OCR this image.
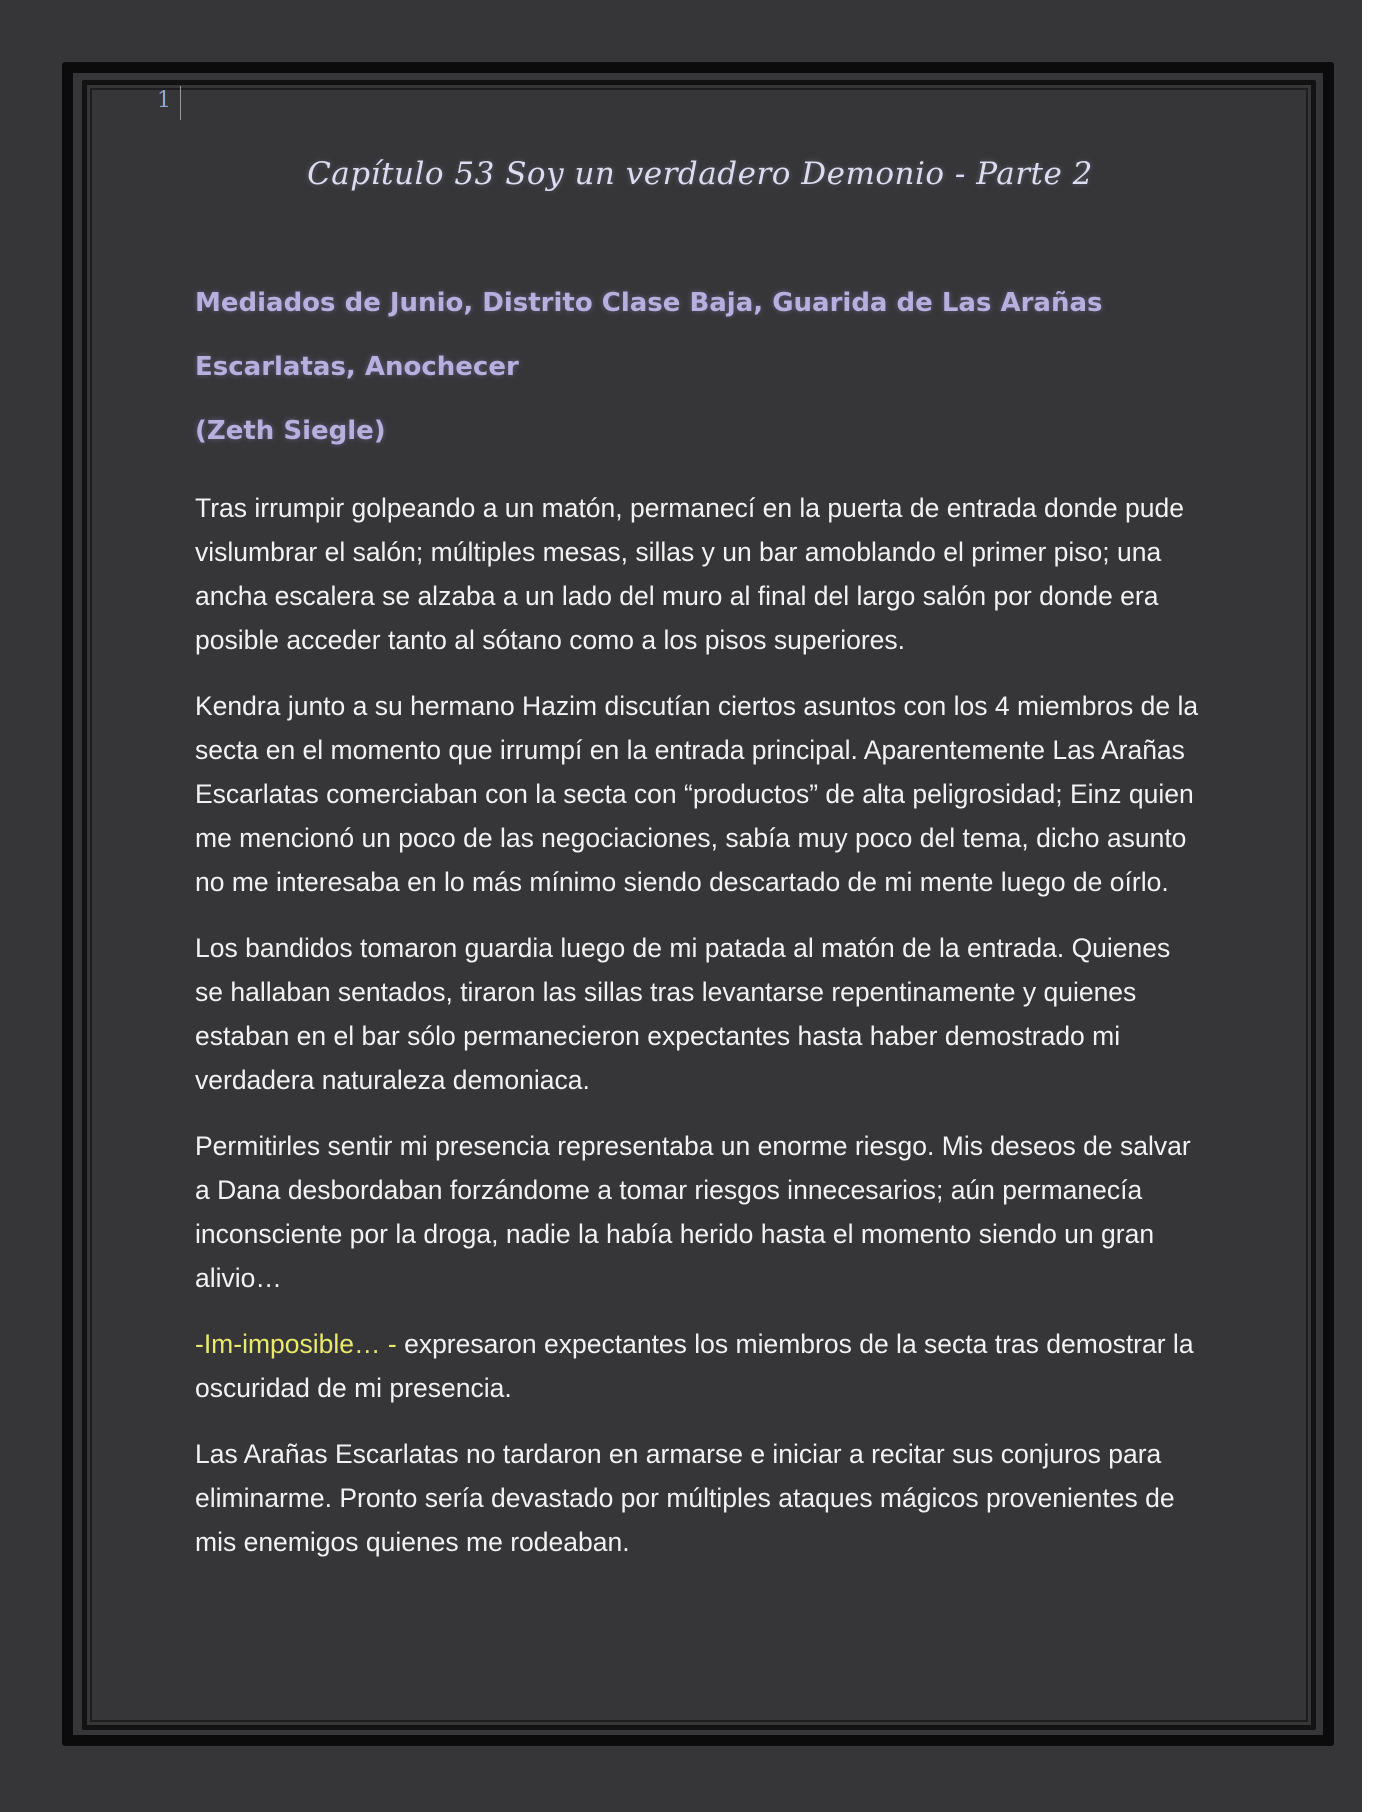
1
Capítulo 53 Soy un verdadero Demonio - Parte 2
Mediados de Junio, Distrito Clase Baja, Guarida de Las Arañas
Escarlatas, Anochecer
(Zeth Siegle)

Tras irrumpir golpeando a un matón, permanecí en la puerta de entrada donde pude vislumbrar el salón; múltiples mesas, sillas y un bar amoblando el primer piso; una ancha escalera se alzaba a un lado del muro al final del largo salón por donde era posible acceder tanto al sótano como a los pisos superiores.

Kendra junto a su hermano Hazim discutían ciertos asuntos con los 4 miembros de la secta en el momento que irrumpí en la entrada principal. Aparentemente Las Arañas Escarlatas comerciaban con la secta con “productos” de alta peligrosidad; Einz quien me mencionó un poco de las negociaciones, sabía muy poco del tema, dicho asunto no me interesaba en lo más mínimo siendo descartado de mi mente luego de oírlo.

Los bandidos tomaron guardia luego de mi patada al matón de la entrada. Quienes se hallaban sentados, tiraron las sillas tras levantarse repentinamente y quienes estaban en el bar sólo permanecieron expectantes hasta haber demostrado mi verdadera naturaleza demoniaca.

Permitirles sentir mi presencia representaba un enorme riesgo. Mis deseos de salvar a Dana desbordaban forzándome a tomar riesgos innecesarios; aún permanecía inconsciente por la droga, nadie la había herido hasta el momento siendo un gran alivio…

-Im-imposible… - expresaron expectantes los miembros de la secta tras demostrar la oscuridad de mi presencia.

Las Arañas Escarlatas no tardaron en armarse e iniciar a recitar sus conjuros para eliminarme. Pronto sería devastado por múltiples ataques mágicos provenientes de mis enemigos quienes me rodeaban.
